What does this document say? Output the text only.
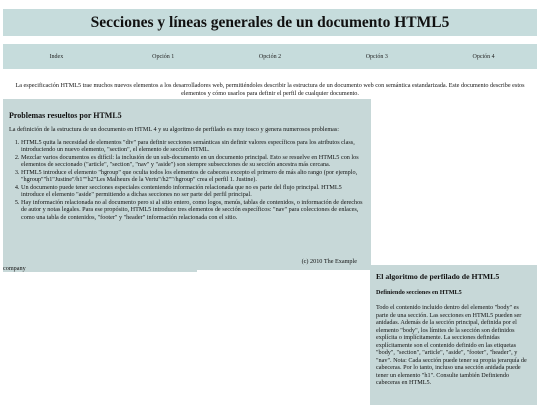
Secciones y líneas generales de un documento HTML5
Index	Opción 1	Opción 2	Opción 3	Opción 4

La especificación HTML5 trae muchos nuevos elementos a los desarrolladores web, permitiéndoles describir la estructura de un documento web con semántica estandarizada. Este documento describe estos elementos y cómo usarlos para definir el perfil de cualquier documento.

Problemas resueltos por HTML5

La definición de la estructura de un documento en HTML 4 y su algoritmo de perfilado es muy tosco y genera numerosos problemas:

1. HTML5 quita la necesidad de elementos "div" para definir secciones semánticas sin definir valores específicos para los atributos class, introduciendo un nuevo elemento, "section", el elemento de sección HTML.
2. Mezclar varios documentos es difícil: la inclusión de un sub-documento en un documento principal. Esto se resuelve en HTML5 con los elementos de seccionado ("article", "section", "nav" y "aside") son siempre subsecciones de su sección ancestra más cercana.
3. HTML5 introduce el elemento "hgroup" que oculta todos los elementos de cabecera excepto el primero de más alto rango (por ejemplo, "hgroup""h1"Justine"/h1""h2"Les Malheurs de la Vertu"/h2""/hgroup" crea el perfil 1. Justine).
4. Un documento puede tener secciones especiales conteniendo información relacionada que no es parte del flujo principal. HTML5 introduce el elemento "aside" permitiendo a dichas secciones no ser parte del perfil principal.
5. Hay información relacionada no al documento pero si al sitio entero, como logos, menús, tablas de contenidos, o información de derechos de autor y notas legales. Para ese propósito, HTML5 introduce tres elementos de sección específicos: "nav" para colecciones de enlaces, como una tabla de contenidos, "footer" y "header" información relacionada con el sitio.
(c) 2010 The Example
company
El algoritmo de perfilado de HTML5
Definiendo secciones en HTML5

Todo el contenido incluido dentro del elemento "body" es parte de una sección. Las secciones en HTML5 pueden ser anidadas. Además de la sección principal, definida por el elemento "body", los límites de la sección son definidos explícita o implícitamente. La secciones definidas explícitamente son el contenido definido en las etiquetas "body", "section", "article", "aside", "footer", "header", y "nav". Nota: Cada sección puede tener su propia jerarquía de cabeceras. Por lo tanto, incluso una sección anidada puede tener un elemento "h1". Consulte también Definiendo cabeceras en HTML5.
